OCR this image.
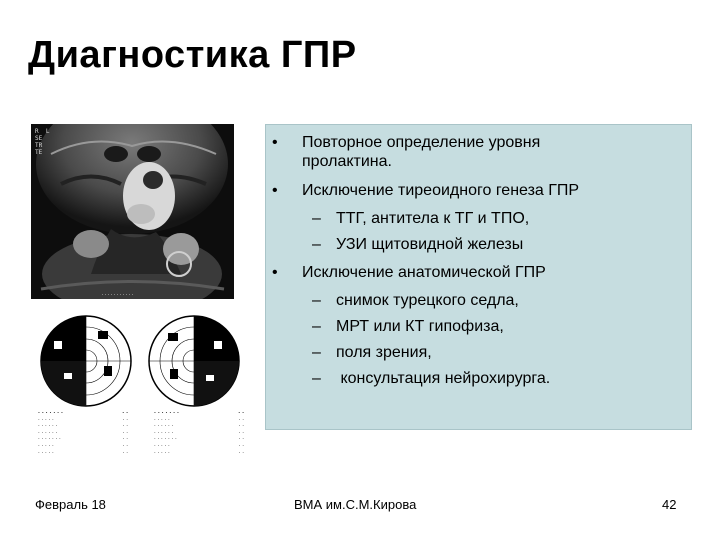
Диагностика ГПР
R  L
SE
TR
TE
...........
. . . . . . .	. .
. . . . .	. .
. . . . . .	. .
. . . . . .	. .
. . . . . . .	. .
. . . . .	. .
. . . . .	. .
. . . . . . .	. .
. . . . .	. .
. . . . . .	. .
. . . . . .	. .
. . . . . . .	. .
. . . . .	. .
. . . . .	. .
•	Повторное определение уровня
пролактина.
•	Исключение тиреоидного генеза ГПР
– ТТГ, антитела к ТГ и ТПО,
– УЗИ щитовидной железы
•	Исключение анатомической ГПР
– снимок турецкого седла,
– МРТ или КТ гипофиза,
– поля зрения,
– консультация нейрохирурга.
Февраль 18	ВМА им.С.М.Кирова	42
